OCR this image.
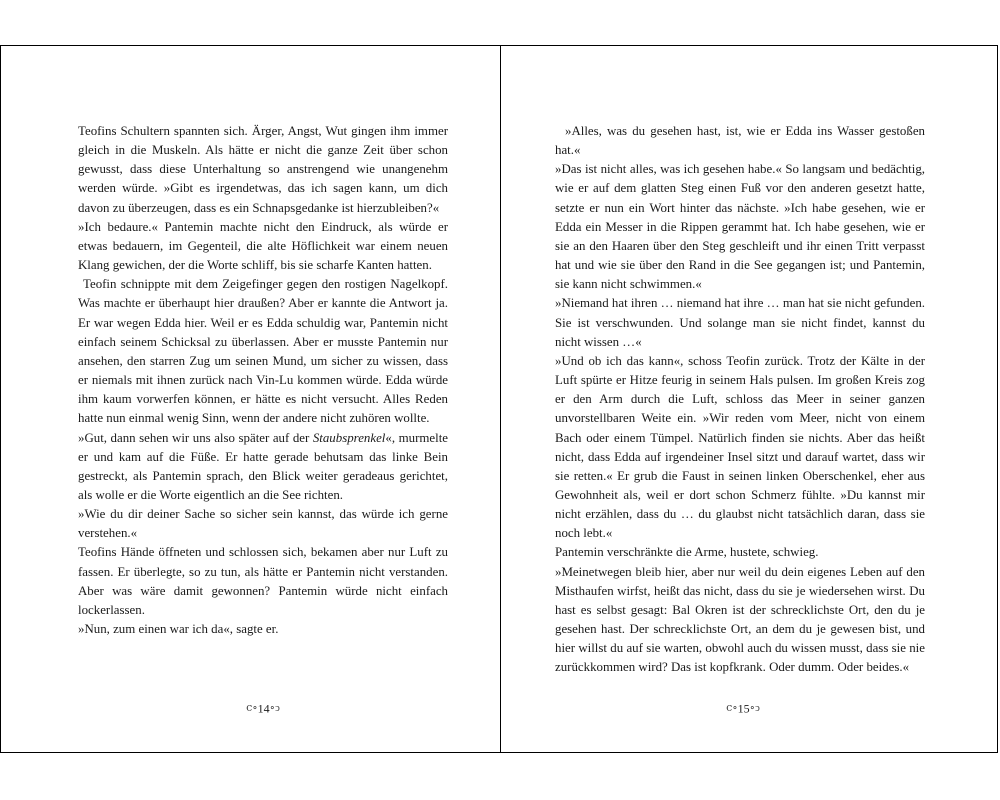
Teofins Schultern spannten sich. Ärger, Angst, Wut gingen ihm immer gleich in die Muskeln. Als hätte er nicht die ganze Zeit über schon gewusst, dass diese Unterhaltung so anstrengend wie unangenehm werden würde. »Gibt es irgendetwas, das ich sagen kann, um dich davon zu überzeugen, dass es ein Schnapsgedanke ist hierzubleiben?«

»Ich bedaure.« Pantemin machte nicht den Eindruck, als würde er etwas bedauern, im Gegenteil, die alte Höflichkeit war einem neuen Klang gewichen, der die Worte schliff, bis sie scharfe Kanten hatten.

Teofin schnippte mit dem Zeigefinger gegen den rostigen Nagelkopf. Was machte er überhaupt hier draußen? Aber er kannte die Antwort ja. Er war wegen Edda hier. Weil er es Edda schuldig war, Pantemin nicht einfach seinem Schicksal zu überlassen. Aber er musste Pantemin nur ansehen, den starren Zug um seinen Mund, um sicher zu wissen, dass er niemals mit ihnen zurück nach Vin-Lu kommen würde. Edda würde ihm kaum vorwerfen können, er hätte es nicht versucht. Alles Reden hatte nun einmal wenig Sinn, wenn der andere nicht zuhören wollte.

»Gut, dann sehen wir uns also später auf der Staubsprenkel«, murmelte er und kam auf die Füße. Er hatte gerade behutsam das linke Bein gestreckt, als Pantemin sprach, den Blick weiter geradeaus gerichtet, als wolle er die Worte eigentlich an die See richten.

»Wie du dir deiner Sache so sicher sein kannst, das würde ich gerne verstehen.«

Teofins Hände öffneten und schlossen sich, bekamen aber nur Luft zu fassen. Er überlegte, so zu tun, als hätte er Pantemin nicht verstanden. Aber was wäre damit gewonnen? Pantemin würde nicht einfach lockerlassen.

»Nun, zum einen war ich da«, sagte er.

»Alles, was du gesehen hast, ist, wie er Edda ins Wasser gestoßen hat.«

»Das ist nicht alles, was ich gesehen habe.« So langsam und bedächtig, wie er auf dem glatten Steg einen Fuß vor den anderen gesetzt hatte, setzte er nun ein Wort hinter das nächste. »Ich habe gesehen, wie er Edda ein Messer in die Rippen gerammt hat. Ich habe gesehen, wie er sie an den Haaren über den Steg geschleift und ihr einen Tritt verpasst hat und wie sie über den Rand in die See gegangen ist; und Pantemin, sie kann nicht schwimmen.«

»Niemand hat ihren … niemand hat ihre … man hat sie nicht gefunden. Sie ist verschwunden. Und solange man sie nicht findet, kannst du nicht wissen …«

»Und ob ich das kann«, schoss Teofin zurück. Trotz der Kälte in der Luft spürte er Hitze feurig in seinem Hals pulsen. Im großen Kreis zog er den Arm durch die Luft, schloss das Meer in seiner ganzen unvorstellbaren Weite ein. »Wir reden vom Meer, nicht von einem Bach oder einem Tümpel. Natürlich finden sie nichts. Aber das heißt nicht, dass Edda auf irgendeiner Insel sitzt und darauf wartet, dass wir sie retten.« Er grub die Faust in seinen linken Oberschenkel, eher aus Gewohnheit als, weil er dort schon Schmerz fühlte. »Du kannst mir nicht erzählen, dass du … du glaubst nicht tatsächlich daran, dass sie noch lebt.«

Pantemin verschränkte die Arme, hustete, schwieg.

»Meinetwegen bleib hier, aber nur weil du dein eigenes Leben auf den Misthaufen wirfst, heißt das nicht, dass du sie je wiedersehen wirst. Du hast es selbst gesagt: Bal Okren ist der schrecklichste Ort, den du je gesehen hast. Der schrecklichste Ort, an dem du je gewesen bist, und hier willst du auf sie warten, obwohl auch du wissen musst, dass sie nie zurückkommen wird? Das ist kopfkrank. Oder dumm. Oder beides.«

ⅽ∘14∘ↄ	ⅽ∘15∘ↄ
